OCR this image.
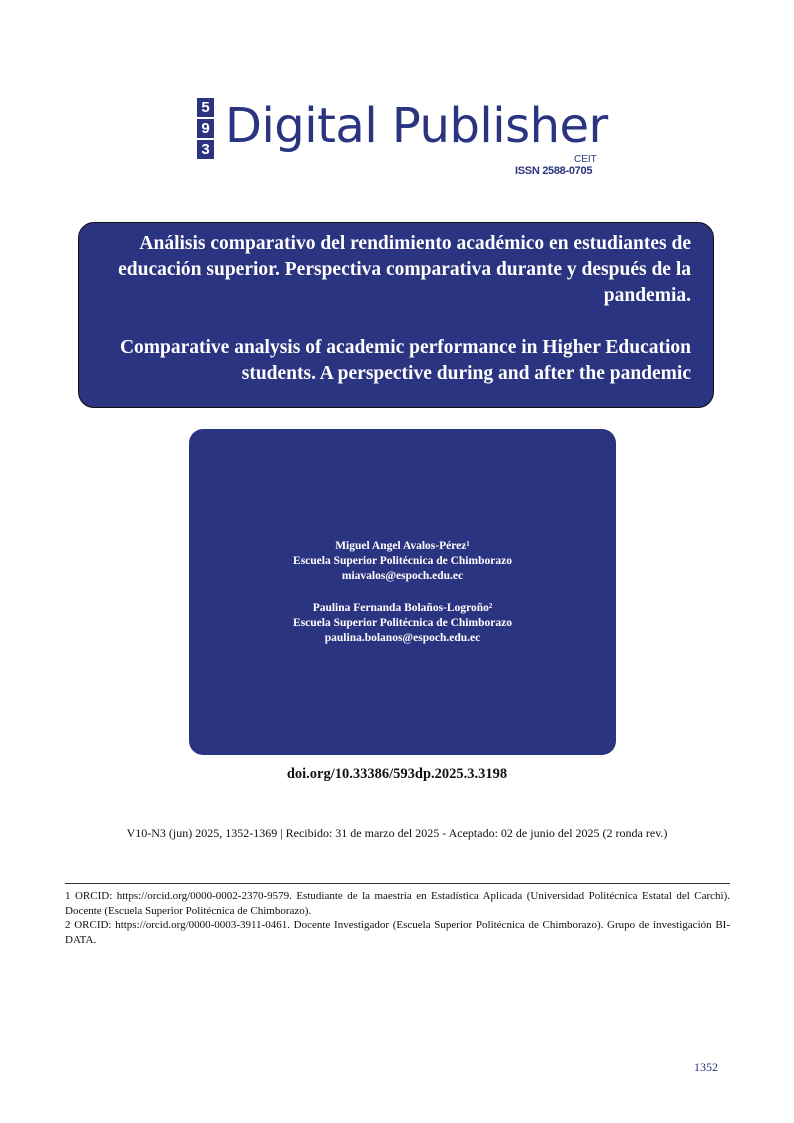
5
9
3 Digital Publisher
CEIT
ISSN 2588-0705
Análisis comparativo del rendimiento académico en estudiantes de educación superior. Perspectiva comparativa durante y después de la pandemia.
Comparative analysis of academic performance in Higher Education students. A perspective during and after the pandemic
Miguel Angel Avalos-Pérez¹
Escuela Superior Politécnica de Chimborazo
miavalos@espoch.edu.ec
Paulina Fernanda Bolaños-Logroño²
Escuela Superior Politécnica de Chimborazo
paulina.bolanos@espoch.edu.ec
doi.org/10.33386/593dp.2025.3.3198
V10-N3 (jun) 2025, 1352-1369 | Recibido: 31 de marzo del 2025 - Aceptado: 02 de junio del 2025 (2 ronda rev.)

1 ORCID: https://orcid.org/0000-0002-2370-9579. Estudiante de la maestría en Estadística Aplicada (Universidad Politécnica Estatal del Carchi). Docente (Escuela Superior Politécnica de Chimborazo).

2 ORCID: https://orcid.org/0000-0003-3911-0461. Docente Investigador (Escuela Superior Politécnica de Chimborazo). Grupo de investigación BI-DATA.

1352
